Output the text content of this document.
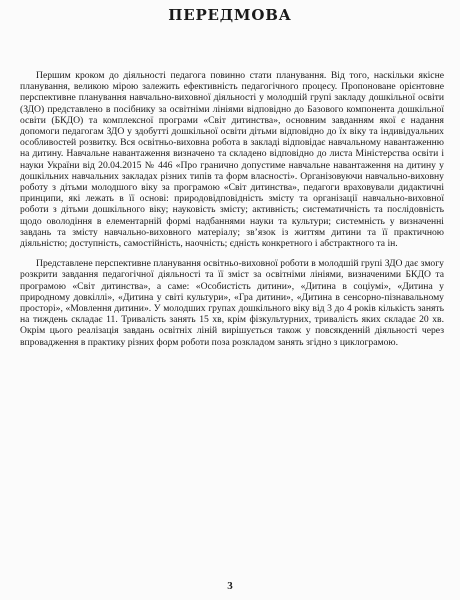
ПЕРЕДМОВА

Першим кроком до діяльності педагога повинно стати планування. Від того, наскільки якісне планування, великою мірою залежить ефективність педагогічного процесу. Пропоноване орієнтовне перспективне планування навчально-виховної діяльності у молодшій групі закладу дошкільної освіти (ЗДО) представлено в посібнику за освітніми лініями відповідно до Базового компонента дошкільної освіти (БКДО) та комплексної програми «Світ дитинства», основним завданням якої є надання допомоги педагогам ЗДО у здобутті дошкільної освіти дітьми відповідно до їх віку та індивідуальних особливостей розвитку. Вся освітньо-виховна робота в закладі відповідає навчальному навантаженню на дитину. Навчальне навантаження визначено та складено відповідно до листа Міністерства освіти і науки України від 20.04.2015 № 446 «Про гранично допустиме навчальне навантаження на дитину у дошкільних навчальних закладах різних типів та форм власності». Організовуючи навчально-виховну роботу з дітьми молодшого віку за програмою «Світ дитинства», педагоги враховували дидактичні принципи, які лежать в її основі: природовідповідність змісту та організації навчально-виховної роботи з дітьми дошкільного віку; науковість змісту; активність; систематичність та послідовність щодо оволодіння в елементарній формі надбаннями науки та культури; системність у визначенні завдань та змісту навчально-виховного матеріалу; зв’язок із життям дитини та її практичною діяльністю; доступність, самостійність, наочність; єдність конкретного і абстрактного та ін.

Представлене перспективне планування освітньо-виховної роботи в молодшій групі ЗДО дає змогу розкрити завдання педагогічної діяльності та її зміст за освітніми лініями, визначеними БКДО та програмою «Світ дитинства», а саме: «Особистість дитини», «Дитина в соціумі», «Дитина у природному довкіллі», «Дитина у світі культури», «Гра дитини», «Дитина в сенсорно-пізнавальному просторі», «Мовлення дитини». У молодших групах дошкільного віку від 3 до 4 років кількість занять на тиждень складає 11. Тривалість занять 15 хв, крім фізкультурних, тривалість яких складає 20 хв. Окрім цього реалізація завдань освітніх ліній вирішується також у повсякденній діяльності через впровадження в практику різних форм роботи поза розкладом занять згідно з циклограмою.

3
